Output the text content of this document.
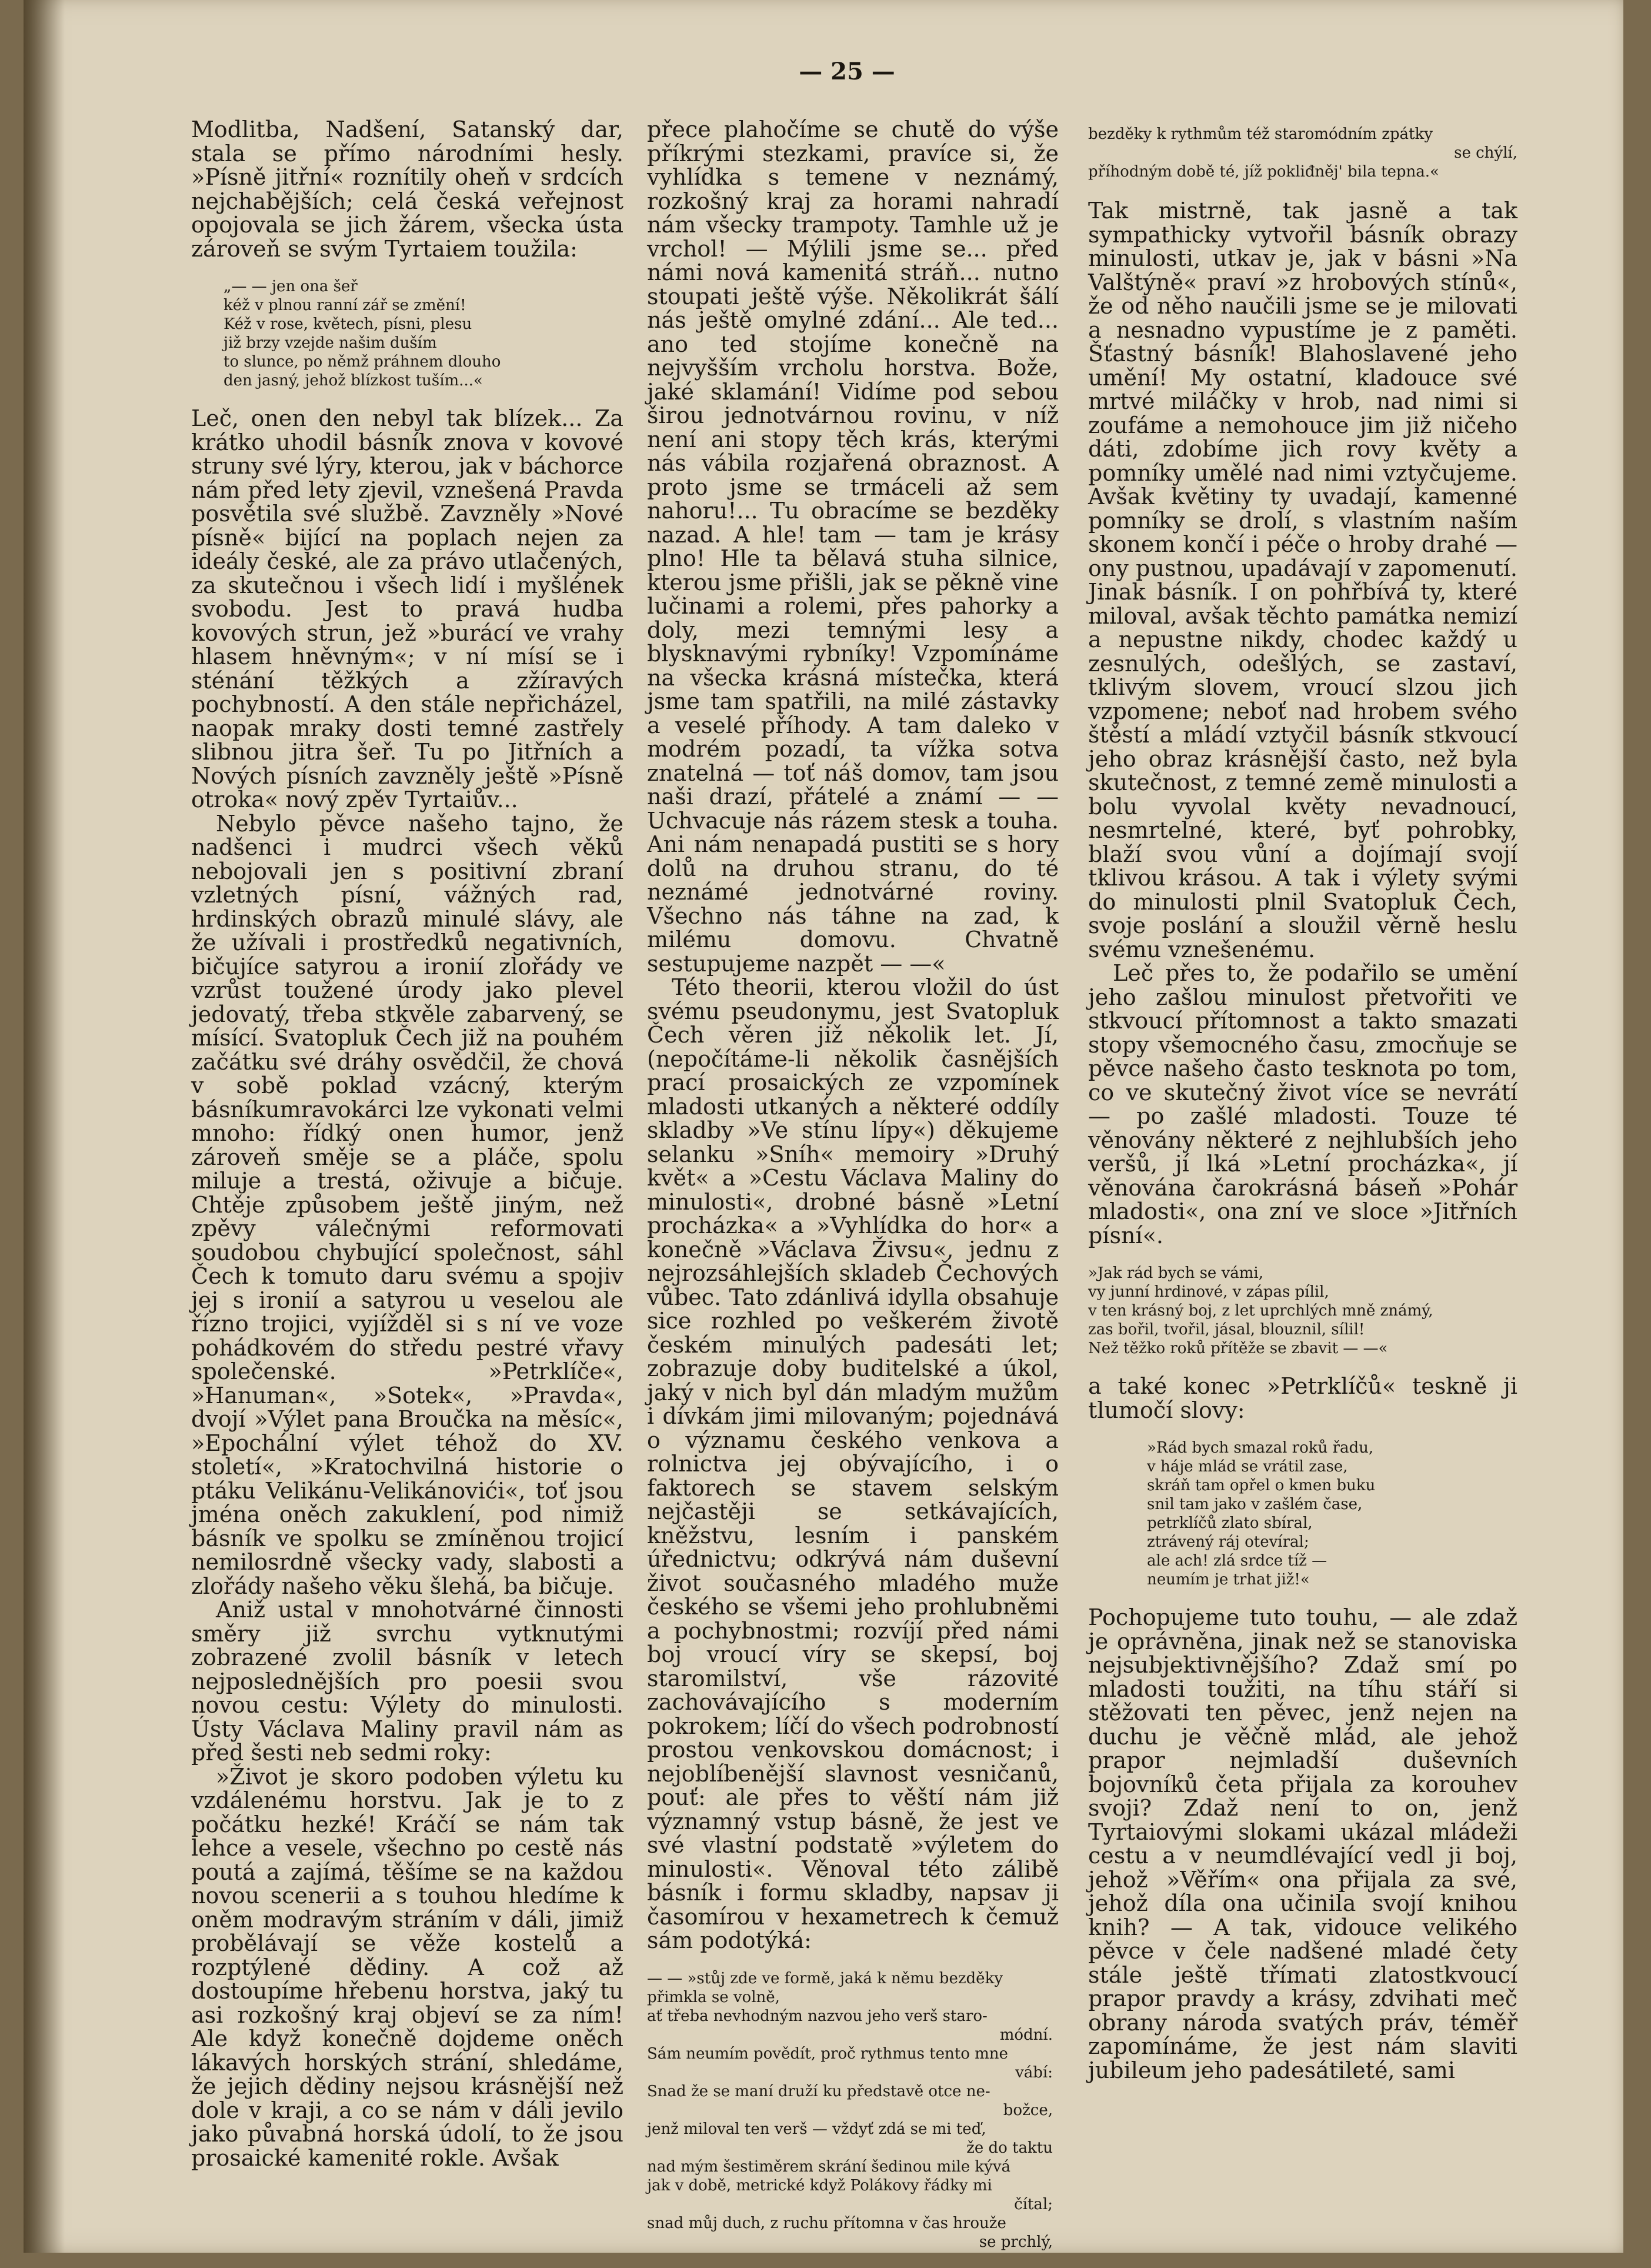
— 25 —

Modlitba, Nadšení, Satanský dar, stala se přímo národními hesly. »Písně jitřní« roznítily oheň v srdcích nejchabějších; celá česká veřejnost opojovala se jich žárem, všecka ústa zároveň se svým Tyrtaiem toužila:

„— — jen ona šeř
kéž v plnou ranní zář se změní!
Kéž v rose, květech, písni, plesu
již brzy vzejde našim duším
to slunce, po němž práhnem dlouho
den jasný, jehož blízkost tuším...«

Leč, onen den nebyl tak blízek... Za krátko uhodil básník znova v kovové struny své lýry, kterou, jak v báchorce nám před lety zjevil, vznešená Pravda posvětila své službě. Zavzněly »Nové písně« bijící na poplach nejen za ideály české, ale za právo utlačených, za skutečnou i všech lidí i myšlének svobodu. Jest to pravá hudba kovových strun, jež »burácí ve vrahy hlasem hněvným«; v ní mísí se i sténání těžkých a zžíravých pochybností. A den stále nepřicházel, naopak mraky dosti temné zastřely slibnou jitra šeř. Tu po Jitřních a Nových písních zavzněly ještě »Písně otroka« nový zpěv Tyrtaiův...

Nebylo pěvce našeho tajno, že nadšenci i mudrci všech věků nebojovali jen s positivní zbraní vzletných písní, vážných rad, hrdinských obrazů minulé slávy, ale že užívali i prostředků negativních, bičujíce satyrou a ironií zlořády ve vzrůst toužené úrody jako plevel jedovatý, třeba stkvěle zabarvený, se mísící. Svatopluk Čech již na pouhém začátku své dráhy osvědčil, že chová v sobě poklad vzácný, kterým básníkumravokárci lze vykonati velmi mnoho: řídký onen humor, jenž zároveň směje se a pláče, spolu miluje a trestá, oživuje a bičuje. Chtěje způsobem ještě jiným, než zpěvy válečnými reformovati soudobou chybující společnost, sáhl Čech k tomuto daru svému a spojiv jej s ironií a satyrou u veselou ale řízno trojici, vyjížděl si s ní ve voze pohádkovém do středu pestré vřavy společenské. »Petrklíče«, »Hanuman«, »Sotek«, »Pravda«, dvojí »Výlet pana Broučka na měsíc«, »Epochální výlet téhož do XV. století«, »Kratochvilná historie o ptáku Velikánu-Velikánovići«, toť jsou jména oněch zakuklení, pod nimiž básník ve spolku se zmíněnou trojicí nemilosrdně všecky vady, slabosti a zlořády našeho věku šlehá, ba bičuje.

Aniž ustal v mnohotvárné činnosti směry již svrchu vytknutými zobrazené zvolil básník v letech nejposlednějších pro poesii svou novou cestu: Výlety do minulosti. Ústy Václava Maliny pravil nám as před šesti neb sedmi roky:

»Život je skoro podoben výletu ku vzdálenému horstvu. Jak je to z počátku hezké! Kráčí se nám tak lehce a vesele, všechno po cestě nás poutá a zajímá, těšíme se na každou novou scenerii a s touhou hledíme k oněm modravým stráním v dáli, jimiž probělávají se věže kostelů a rozptýlené dědiny. A což až dostoupíme hřebenu horstva, jaký tu asi rozkošný kraj objeví se za ním! Ale když konečně dojdeme oněch lákavých horských strání, shledáme, že jejich dědiny nejsou krásnější než dole v kraji, a co se nám v dáli jevilo jako půvabná horská údolí, to že jsou prosaické kamenité rokle. Avšak

přece plahočíme se chutě do výše příkrými stezkami, pravíce si, že vyhlídka s temene v neznámý, rozkošný kraj za horami nahradí nám všecky trampoty. Tamhle už je vrchol! — Mýlili jsme se... před námi nová kamenitá stráň... nutno stoupati ještě výše. Několikrát šálí nás ještě omylné zdání... Ale ted... ano ted stojíme konečně na nejvyšším vrcholu horstva. Bože, jaké sklamání! Vidíme pod sebou širou jednotvárnou rovinu, v níž není ani stopy těch krás, kterými nás vábila rozjařená obraznost. A proto jsme se trmáceli až sem nahoru!... Tu obracíme se bezděky nazad. A hle! tam — tam je krásy plno! Hle ta bělavá stuha silnice, kterou jsme přišli, jak se pěkně vine lučinami a rolemi, přes pahorky a doly, mezi temnými lesy a blysknavými rybníky! Vzpomínáme na všecka krásná místečka, která jsme tam spatřili, na milé zástavky a veselé příhody. A tam daleko v modrém pozadí, ta vížka sotva znatelná — toť náš domov, tam jsou naši drazí, přátelé a známí — — Uchvacuje nás rázem stesk a touha. Ani nám nenapadá pustiti se s hory dolů na druhou stranu, do té neznámé jednotvárné roviny. Všechno nás táhne na zad, k milému domovu. Chvatně sestupujeme nazpět — —«

Této theorii, kterou vložil do úst svému pseudonymu, jest Svatopluk Čech věren již několik let. Jí, (nepočítáme-li několik časnějších prací prosaických ze vzpomínek mladosti utkaných a některé oddíly skladby »Ve stínu lípy«) děkujeme selanku »Sníh« memoiry »Druhý květ« a »Cestu Václava Maliny do minulosti«, drobné básně »Letní procházka« a »Vyhlídka do hor« a konečně »Václava Živsu«, jednu z nejrozsáhlejších skladeb Čechových vůbec. Tato zdánlivá idylla obsahuje sice rozhled po veškerém životě českém minulých padesáti let; zobrazuje doby buditelské a úkol, jaký v nich byl dán mladým mužům i dívkám jimi milovaným; pojednává o významu českého venkova a rolnictva jej obývajícího, i o faktorech se stavem selským nejčastěji se setkávajících, kněžstvu, lesním i panském úřednictvu; odkrývá nám duševní život současného mladého muže českého se všemi jeho prohlubněmi a pochybnostmi; rozvíjí před námi boj vroucí víry se skepsí, boj staromilství, vše rázovité zachovávajícího s moderním pokrokem; líčí do všech podrobností prostou venkovskou domácnost; i nejoblíbenější slavnost vesničanů, pouť: ale přes to věští nám již významný vstup básně, že jest ve své vlastní podstatě »výletem do minulosti«. Věnoval této zálibě básník i formu skladby, napsav ji časomírou v hexametrech k čemuž sám podotýká:

— — »stůj zde ve formě, jaká k němu bezděky přimkla se volně,
ať třeba nevhodným nazvou jeho verš staro-
módní.
Sám neumím povědít, proč rythmus tento mne
vábí:
Snad že se maní druží ku představě otce ne-
božce,
jenž miloval ten verš — vždyť zdá se mi teď,
že do taktu
nad mým šestiměrem skrání šedinou mile kývá
jak v době, metrické když Polákovy řádky mi
čítal;
snad můj duch, z ruchu přítomna v čas hrouže
se prchlý,
bezděky k rythmům též staromódním zpátky
se chýlí,
příhodným době té, jíž pokliđněj' bila tepna.«

Tak mistrně, tak jasně a tak sympathicky vytvořil básník obrazy minulosti, utkav je, jak v básni »Na Valštýně« praví »z hrobových stínů«, že od něho naučili jsme se je milovati a nesnadno vypustíme je z paměti. Šťastný básník! Blahoslavené jeho umění! My ostatní, kladouce své mrtvé miláčky v hrob, nad nimi si zoufáme a nemohouce jim již ničeho dáti, zdobíme jich rovy květy a pomníky umělé nad nimi vztyčujeme. Avšak květiny ty uvadají, kamenné pomníky se drolí, s vlastním naším skonem končí i péče o hroby drahé — ony pustnou, upadávají v zapomenutí. Jinak básník. I on pohřbívá ty, které miloval, avšak těchto památka nemizí a nepustne nikdy, chodec každý u zesnulých, odešlých, se zastaví, tklivým slovem, vroucí slzou jich vzpomene; neboť nad hrobem svého štěstí a mládí vztyčil básník stkvoucí jeho obraz krásnější často, než byla skutečnost, z temné země minulosti a bolu vyvolal květy nevadnoucí, nesmrtelné, které, byť pohrobky, blaží svou vůní a dojímají svojí tklivou krásou. A tak i výlety svými do minulosti plnil Svatopluk Čech, svoje poslání a sloužil věrně heslu svému vznešenému.

Leč přes to, že podařilo se umění jeho zašlou minulost přetvořiti ve stkvoucí přítomnost a takto smazati stopy všemocného času, zmocňuje se pěvce našeho často tesknota po tom, co ve skutečný život více se nevrátí — po zašlé mladosti. Touze té věnovány některé z nejhlubších jeho veršů, jí lká »Letní procházka«, jí věnována čarokrásná báseň »Pohár mladosti«, ona zní ve sloce »Jitřních písní«.

»Jak rád bych se vámi,
vy junní hrdinové, v zápas pílil,
v ten krásný boj, z let uprchlých mně známý,
zas bořil, tvořil, jásal, blouznil, sílil!
Než těžko roků přítěže se zbavit — —«

a také konec »Petrklíčů« teskně ji tlumočí slovy:

»Rád bych smazal roků řadu,
v háje mlád se vrátil zase,
skráň tam opřel o kmen buku
snil tam jako v zašlém čase,
petrklíčů zlato sbíral,
ztrávený ráj otevíral;
ale ach! zlá srdce tíž —
neumím je trhat již!«

Pochopujeme tuto touhu, — ale zdaž je oprávněna, jinak než se stanoviska nejsubjektivnějšího? Zdaž smí po mladosti toužiti, na tíhu stáří si stěžovati ten pěvec, jenž nejen na duchu je věčně mlád, ale jehož prapor nejmladší duševních bojovníků četa přijala za korouhev svoji? Zdaž není to on, jenž Tyrtaiovými slokami ukázal mládeži cestu a v neumdlévající vedl ji boj, jehož »Věřím« ona přijala za své, jehož díla ona učinila svojí knihou knih? — A tak, vidouce velikého pěvce v čele nadšené mladé čety stále ještě třímati zlatostkvoucí prapor pravdy a krásy, zdvihati meč obrany národa svatých práv, téměř zapomínáme, že jest nám slaviti jubileum jeho padesátileté, sami
